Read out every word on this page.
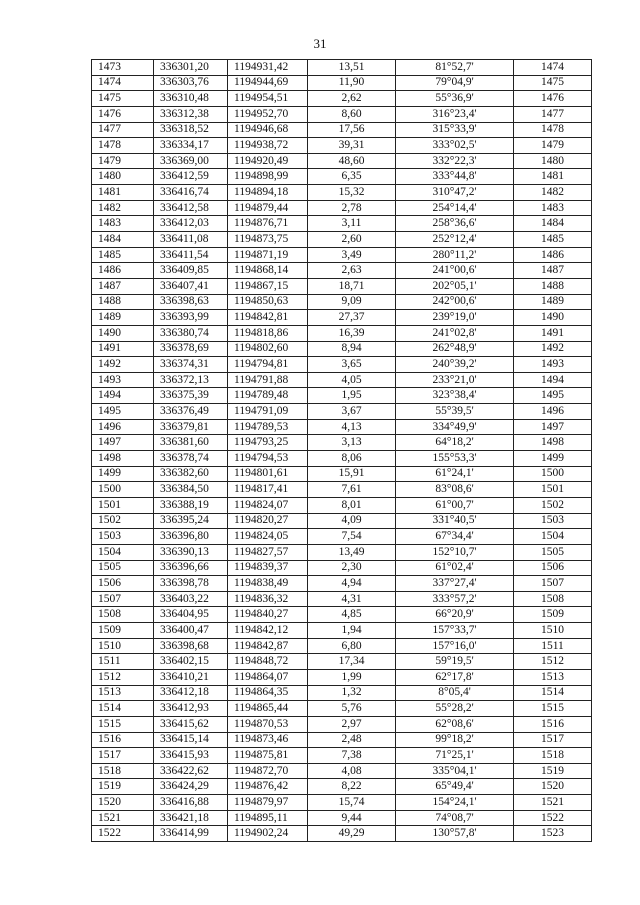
31
1473	336301,20	1194931,42	13,51	81°52,7'	1474
1474	336303,76	1194944,69	11,90	79°04,9'	1475
1475	336310,48	1194954,51	2,62	55°36,9'	1476
1476	336312,38	1194952,70	8,60	316°23,4'	1477
1477	336318,52	1194946,68	17,56	315°33,9'	1478
1478	336334,17	1194938,72	39,31	333°02,5'	1479
1479	336369,00	1194920,49	48,60	332°22,3'	1480
1480	336412,59	1194898,99	6,35	333°44,8'	1481
1481	336416,74	1194894,18	15,32	310°47,2'	1482
1482	336412,58	1194879,44	2,78	254°14,4'	1483
1483	336412,03	1194876,71	3,11	258°36,6'	1484
1484	336411,08	1194873,75	2,60	252°12,4'	1485
1485	336411,54	1194871,19	3,49	280°11,2'	1486
1486	336409,85	1194868,14	2,63	241°00,6'	1487
1487	336407,41	1194867,15	18,71	202°05,1'	1488
1488	336398,63	1194850,63	9,09	242°00,6'	1489
1489	336393,99	1194842,81	27,37	239°19,0'	1490
1490	336380,74	1194818,86	16,39	241°02,8'	1491
1491	336378,69	1194802,60	8,94	262°48,9'	1492
1492	336374,31	1194794,81	3,65	240°39,2'	1493
1493	336372,13	1194791,88	4,05	233°21,0'	1494
1494	336375,39	1194789,48	1,95	323°38,4'	1495
1495	336376,49	1194791,09	3,67	55°39,5'	1496
1496	336379,81	1194789,53	4,13	334°49,9'	1497
1497	336381,60	1194793,25	3,13	64°18,2'	1498
1498	336378,74	1194794,53	8,06	155°53,3'	1499
1499	336382,60	1194801,61	15,91	61°24,1'	1500
1500	336384,50	1194817,41	7,61	83°08,6'	1501
1501	336388,19	1194824,07	8,01	61°00,7'	1502
1502	336395,24	1194820,27	4,09	331°40,5'	1503
1503	336396,80	1194824,05	7,54	67°34,4'	1504
1504	336390,13	1194827,57	13,49	152°10,7'	1505
1505	336396,66	1194839,37	2,30	61°02,4'	1506
1506	336398,78	1194838,49	4,94	337°27,4'	1507
1507	336403,22	1194836,32	4,31	333°57,2'	1508
1508	336404,95	1194840,27	4,85	66°20,9'	1509
1509	336400,47	1194842,12	1,94	157°33,7'	1510
1510	336398,68	1194842,87	6,80	157°16,0'	1511
1511	336402,15	1194848,72	17,34	59°19,5'	1512
1512	336410,21	1194864,07	1,99	62°17,8'	1513
1513	336412,18	1194864,35	1,32	8°05,4'	1514
1514	336412,93	1194865,44	5,76	55°28,2'	1515
1515	336415,62	1194870,53	2,97	62°08,6'	1516
1516	336415,14	1194873,46	2,48	99°18,2'	1517
1517	336415,93	1194875,81	7,38	71°25,1'	1518
1518	336422,62	1194872,70	4,08	335°04,1'	1519
1519	336424,29	1194876,42	8,22	65°49,4'	1520
1520	336416,88	1194879,97	15,74	154°24,1'	1521
1521	336421,18	1194895,11	9,44	74°08,7'	1522
1522	336414,99	1194902,24	49,29	130°57,8'	1523
